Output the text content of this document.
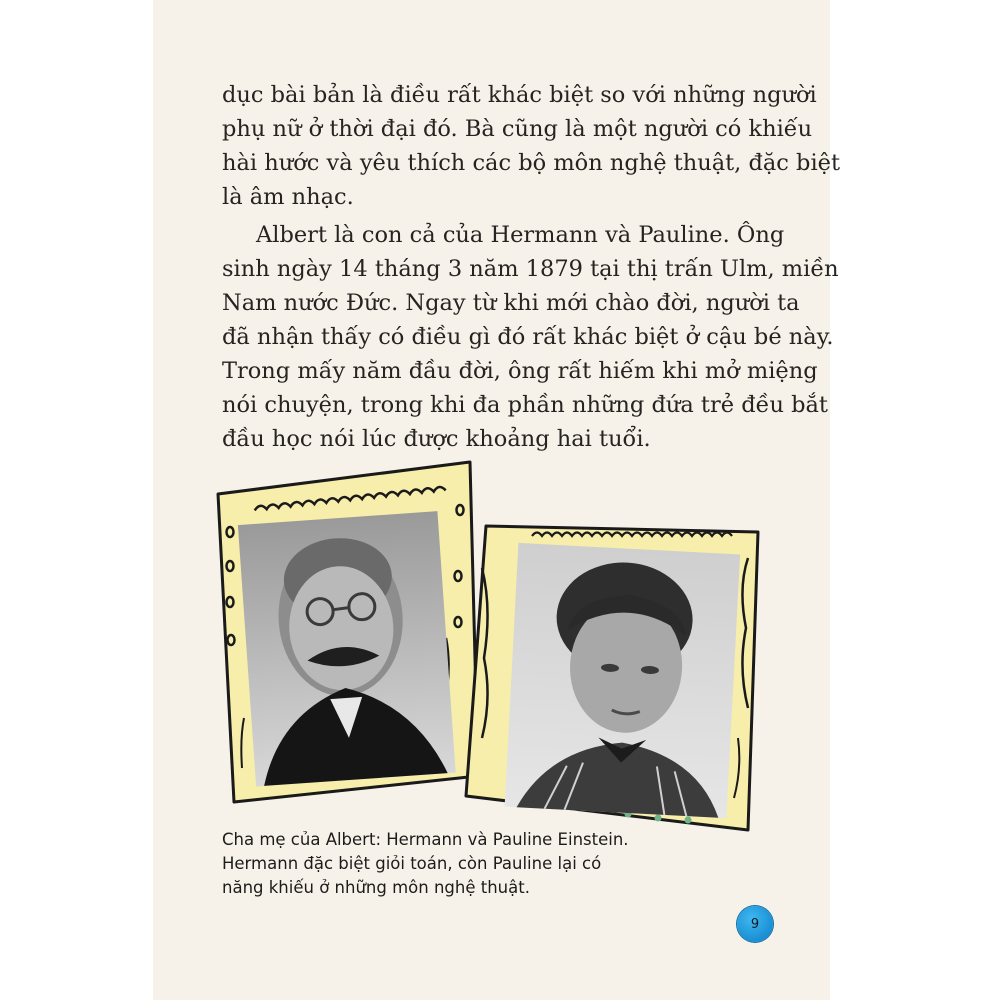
dục bài bản là điều rất khác biệt so với những người
phụ nữ ở thời đại đó. Bà cũng là một người có khiếu
hài hước và yêu thích các bộ môn nghệ thuật, đặc biệt
là âm nhạc.
Albert là con cả của Hermann và Pauline. Ông
sinh ngày 14 tháng 3 năm 1879 tại thị trấn Ulm, miền
Nam nước Đức. Ngay từ khi mới chào đời, người ta
đã nhận thấy có điều gì đó rất khác biệt ở cậu bé này.
Trong mấy năm đầu đời, ông rất hiếm khi mở miệng
nói chuyện, trong khi đa phần những đứa trẻ đều bắt
đầu học nói lúc được khoảng hai tuổi.
Cha mẹ của Albert: Hermann và Pauline Einstein.
Hermann đặc biệt giỏi toán, còn Pauline lại có
năng khiếu ở những môn nghệ thuật.
9
